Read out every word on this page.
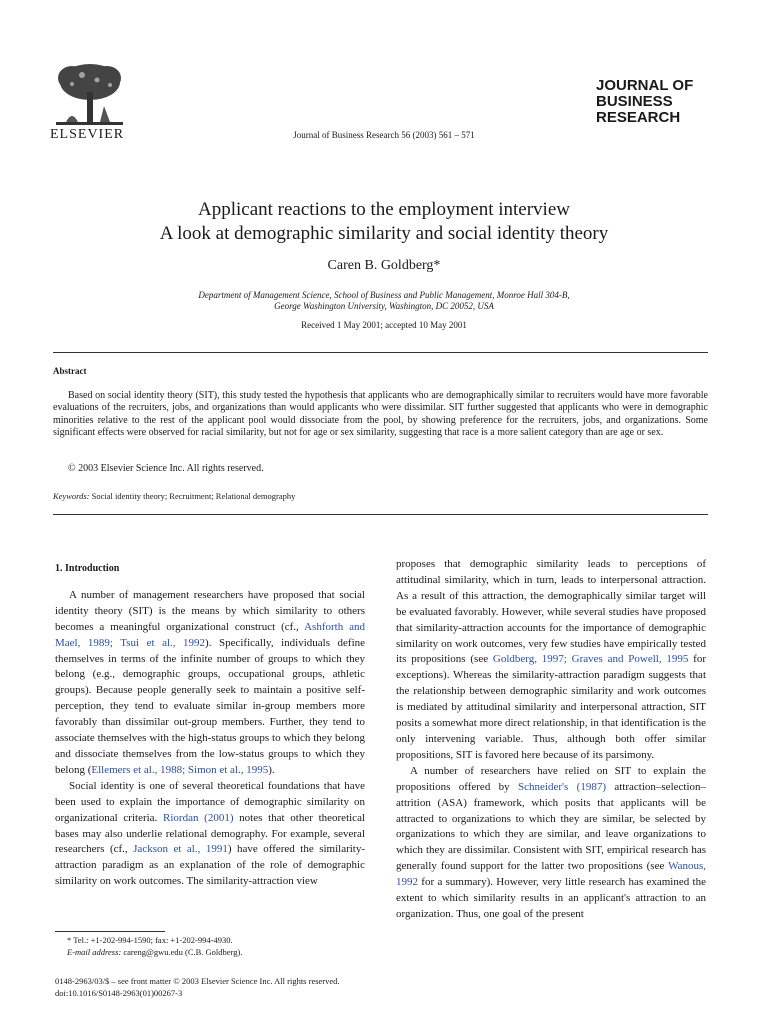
ELSEVIER	Journal of Business Research 56 (2003) 561 – 571
JOURNAL OF
BUSINESS
RESEARCH
Applicant reactions to the employment interview
A look at demographic similarity and social identity theory
Caren B. Goldberg*
Department of Management Science, School of Business and Public Management, Monroe Hall 304-B,
George Washington University, Washington, DC 20052, USA
Received 1 May 2001; accepted 10 May 2001
Abstract
Based on social identity theory (SIT), this study tested the hypothesis that applicants who are demographically similar to recruiters would have more favorable evaluations of the recruiters, jobs, and organizations than would applicants who were dissimilar. SIT further suggested that applicants who were in demographic minorities relative to the rest of the applicant pool would dissociate from the pool, by showing preference for the recruiters, jobs, and organizations. Some significant effects were observed for racial similarity, but not for age or sex similarity, suggesting that race is a more salient category than are age or sex.
© 2003 Elsevier Science Inc. All rights reserved.
Keywords: Social identity theory; Recruitment; Relational demography
1. Introduction

A number of management researchers have proposed that social identity theory (SIT) is the means by which similarity to others becomes a meaningful organizational construct (cf., Ashforth and Mael, 1989; Tsui et al., 1992). Specifically, individuals define themselves in terms of the infinite number of groups to which they belong (e.g., demographic groups, occupational groups, athletic groups). Because people generally seek to maintain a positive self-perception, they tend to evaluate similar in-group members more favorably than dissimilar out-group members. Further, they tend to associate themselves with the high-status groups to which they belong and dissociate themselves from the low-status groups to which they belong (Ellemers et al., 1988; Simon et al., 1995).

Social identity is one of several theoretical foundations that have been used to explain the importance of demographic similarity on organizational criteria. Riordan (2001) notes that other theoretical bases may also underlie relational demography. For example, several researchers (cf., Jackson et al., 1991) have offered the similarity-attraction paradigm as an explanation of the role of demographic similarity on work outcomes. The similarity-attraction view

proposes that demographic similarity leads to perceptions of attitudinal similarity, which in turn, leads to interpersonal attraction. As a result of this attraction, the demographically similar target will be evaluated favorably. However, while several studies have proposed that similarity-attraction accounts for the importance of demographic similarity on work outcomes, very few studies have empirically tested its propositions (see Goldberg, 1997; Graves and Powell, 1995 for exceptions). Whereas the similarity-attraction paradigm suggests that the relationship between demographic similarity and work outcomes is mediated by attitudinal similarity and interpersonal attraction, SIT posits a somewhat more direct relationship, in that identification is the only intervening variable. Thus, although both offer similar propositions, SIT is favored here because of its parsimony.

A number of researchers have relied on SIT to explain the propositions offered by Schneider's (1987) attraction–selection–attrition (ASA) framework, which posits that applicants will be attracted to organizations to which they are similar, be selected by organizations to which they are similar, and leave organizations to which they are dissimilar. Consistent with SIT, empirical research has generally found support for the latter two propositions (see Wanous, 1992 for a summary). However, very little research has examined the extent to which similarity results in an applicant's attraction to an organization. Thus, one goal of the present

* Tel.: +1-202-994-1590; fax: +1-202-994-4930.
E-mail address: careng@gwu.edu (C.B. Goldberg).
0148-2963/03/$ – see front matter © 2003 Elsevier Science Inc. All rights reserved.
doi:10.1016/S0148-2963(01)00267-3
